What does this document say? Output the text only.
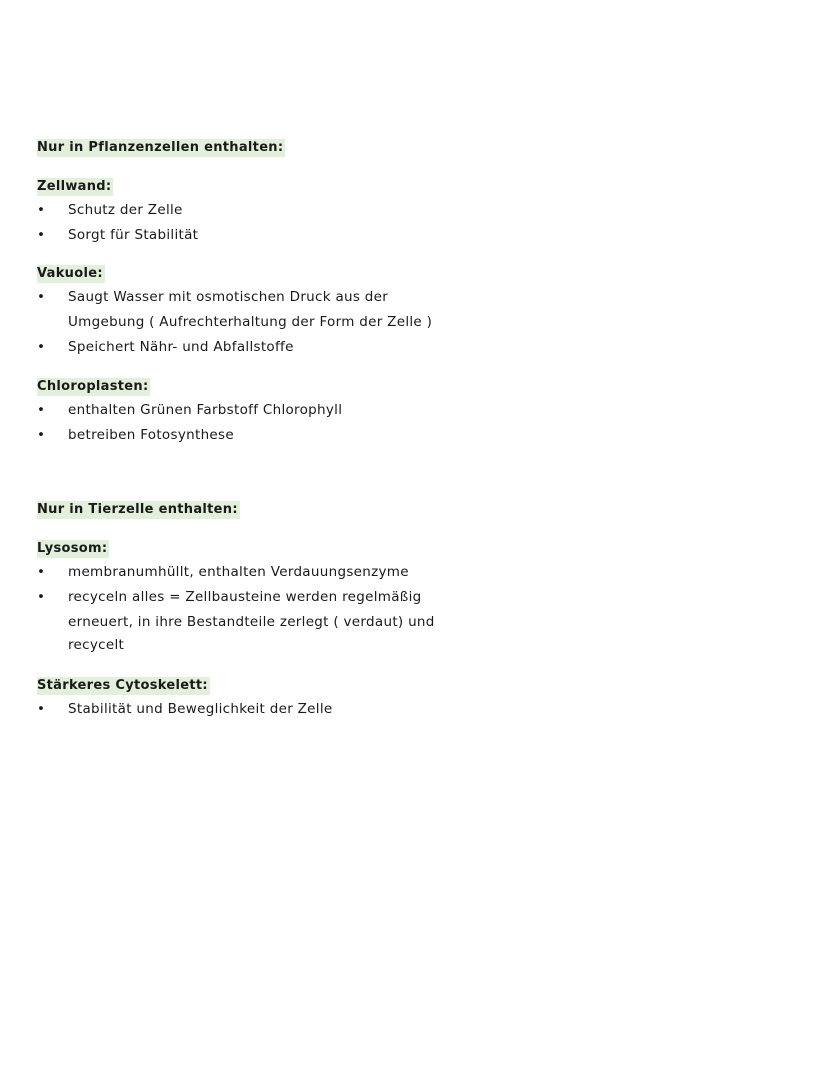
Nur in Pflanzenzellen enthalten:
Zellwand:
• Schutz der Zelle
• Sorgt für Stabilität
Vakuole:
• Saugt Wasser mit osmotischen Druck aus der
Umgebung ( Aufrechterhaltung der Form der Zelle )
• Speichert Nähr- und Abfallstoffe
Chloroplasten:
• enthalten Grünen Farbstoff Chlorophyll
• betreiben Fotosynthese
Nur in Tierzelle enthalten:
Lysosom:
• membranumhüllt, enthalten Verdauungsenzyme
• recyceln alles = Zellbausteine werden regelmäßig
erneuert, in ihre Bestandteile zerlegt ( verdaut) und
recycelt
Stärkeres Cytoskelett:
• Stabilität und Beweglichkeit der Zelle
